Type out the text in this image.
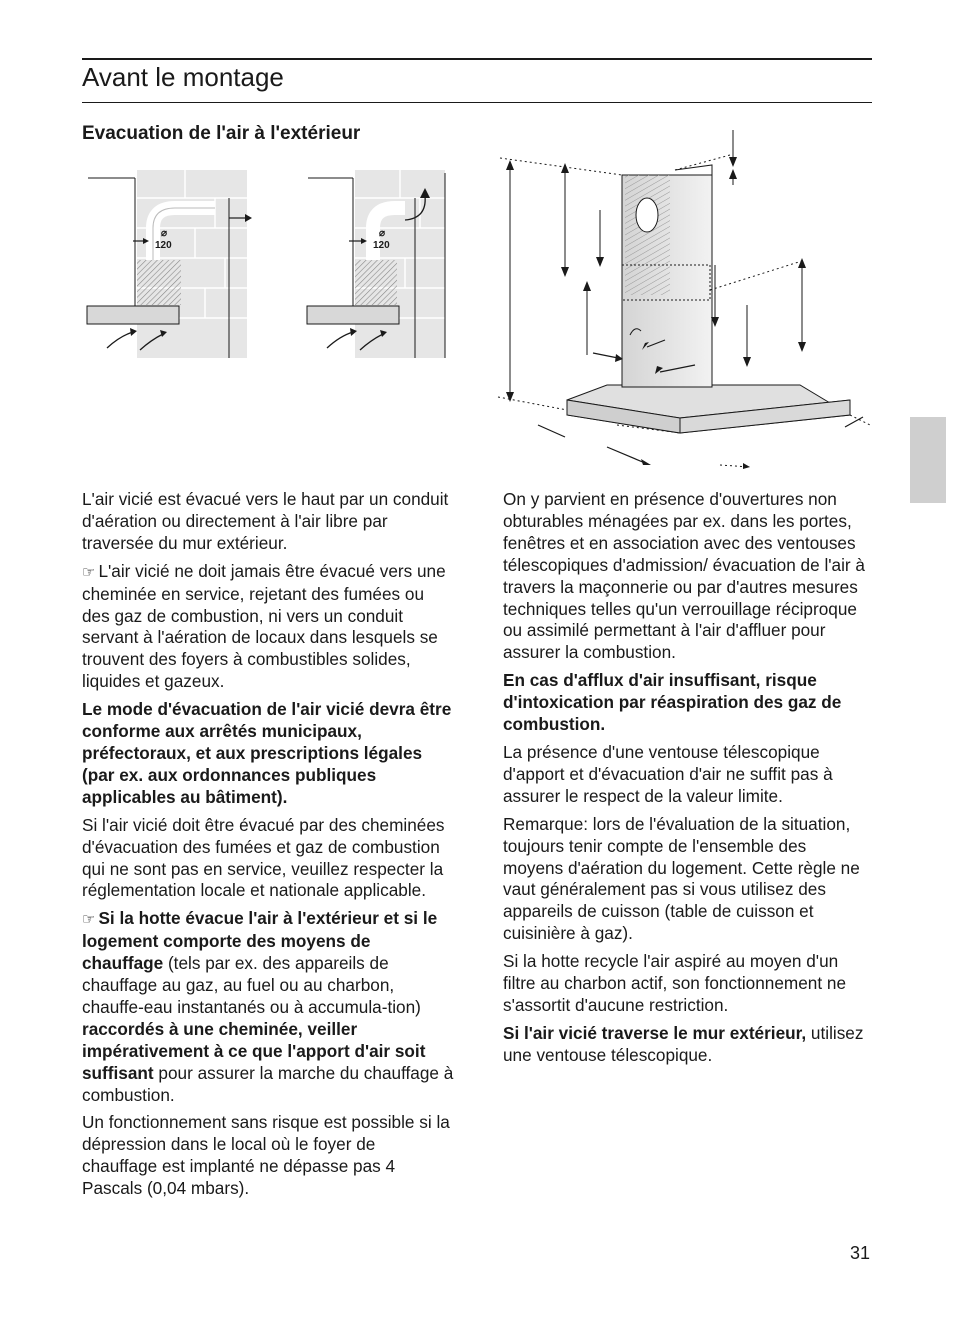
Avant le montage
Evacuation de l'air à l'extérieur
⌀
120
⌀
120

L'air vicié est évacué vers le haut par un conduit d'aération ou directement à l'air libre par traversée du mur extérieur.

☞ L'air vicié ne doit jamais être évacué vers une cheminée en service, rejetant des fumées ou des gaz de combustion, ni vers un conduit servant à l'aération de locaux dans lesquels se trouvent des foyers à combustibles solides, liquides et gazeux.

Le mode d'évacuation de l'air vicié devra être conforme aux arrêtés municipaux, préfectoraux, et aux prescriptions légales (par ex. aux ordonnances publiques applicables au bâtiment).

Si l'air vicié doit être évacué par des cheminées d'évacuation des fumées et gaz de combustion qui ne sont pas en service, veuillez respecter la réglementation locale et nationale applicable.

☞ Si la hotte évacue l'air à l'extérieur et si le logement comporte des moyens de chauffage (tels par ex. des appareils de chauffage au gaz, au fuel ou au charbon, chauffe-eau instantanés ou à accumula-tion) raccordés à une cheminée, veiller impérativement à ce que l'apport d'air soit suffisant pour assurer la marche du chauffage à combustion.

Un fonctionnement sans risque est possible si la dépression dans le local où le foyer de chauffage est implanté ne dépasse pas 4 Pascals (0,04 mbars).

On y parvient en présence d'ouvertures non obturables ménagées par ex. dans les portes, fenêtres et en association avec des ventouses télescopiques d'admission/ évacuation de l'air à travers la maçonnerie ou par d'autres mesures techniques telles qu'un verrouillage réciproque ou assimilé permettant à l'air d'affluer pour assurer la combustion.

En cas d'afflux d'air insuffisant, risque d'intoxication par réaspiration des gaz de combustion.

La présence d'une ventouse télescopique d'apport et d'évacuation d'air ne suffit pas à assurer le respect de la valeur limite.

Remarque: lors de l'évaluation de la situation, toujours tenir compte de l'ensemble des moyens d'aération du logement. Cette règle ne vaut généralement pas si vous utilisez des appareils de cuisson (table de cuisson et cuisinière à gaz).

Si la hotte recycle l'air aspiré au moyen d'un filtre au charbon actif, son fonctionnement ne s'assortit d'aucune restriction.

Si l'air vicié traverse le mur extérieur, utilisez une ventouse télescopique.

31
